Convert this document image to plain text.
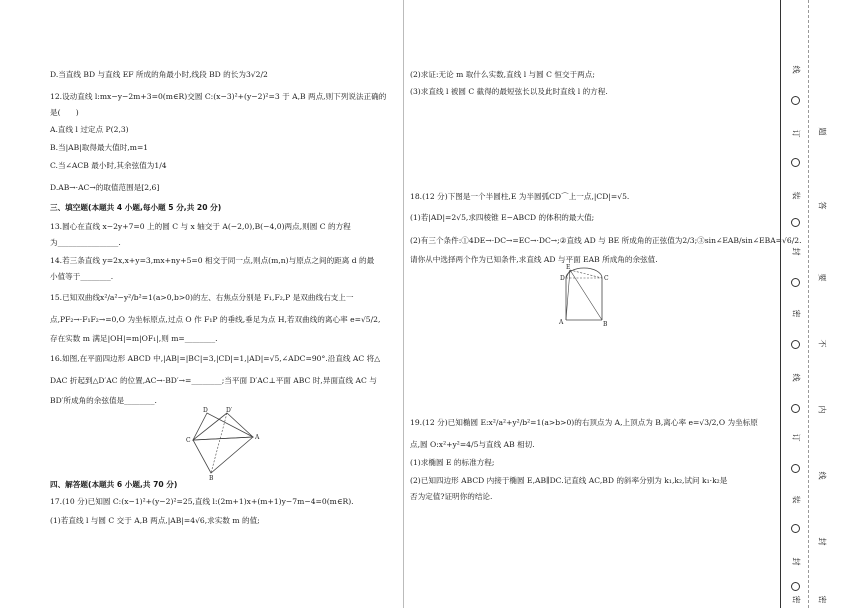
D.当直线 BD 与直线 EF 所成的角最小时,线段 BD 的长为3√2/2
12.设动直线 l:mx−y−2m+3=0(m∈R)交圆 C:(x−3)²+(y−2)²=3 于 A,B 两点,则下列说法正确的
是(　　)
A.直线 l 过定点 P(2,3)
B.当|AB|取得最大值时,m=1
C.当∠ACB 最小时,其余弦值为1/4
D.AB→·AC→的取值范围是[2,6]
三、填空题(本题共 4 小题,每小题 5 分,共 20 分)
13.圆心在直线 x−2y+7=0 上的圆 C 与 x 轴交于 A(−2,0),B(−4,0)两点,则圆 C 的方程
为________________.
14.若三条直线 y=2x,x+y=3,mx+ny+5=0 相交于同一点,则点(m,n)与原点之间的距离 d 的最
小值等于________.
15.已知双曲线x²/a²−y²/b²=1(a>0,b>0)的左、右焦点分别是 F₁,F₂,P 是双曲线右支上一
点,PF₂→·F₁F₂→=0,O 为坐标原点,过点 O 作 F₁P 的垂线,垂足为点 H,若双曲线的离心率 e=√5/2,
存在实数 m 满足|OH|=m|OF₁|,则 m=________.
16.如图,在平面四边形 ABCD 中,|AB|=|BC|=3,|CD|=1,|AD|=√5,∠ADC=90°.沿直线 AC 将△
DAC 折起到△D′AC 的位置,AC→·BD′→=________;当平面 D′AC⊥平面 ABC 时,异面直线 AC 与
BD′所成角的余弦值是________.
D	D′
C	A
B
四、解答题(本题共 6 小题,共 70 分)
17.(10 分)已知圆 C:(x−1)²+(y−2)²=25,直线 l:(2m+1)x+(m+1)y−7m−4=0(m∈R).
(1)若直线 l 与圆 C 交于 A,B 两点,|AB|=4√6,求实数 m 的值;
(2)求证:无论 m 取什么实数,直线 l 与圆 C 恒交于两点;
(3)求直线 l 被圆 C 截得的最短弦长以及此时直线 l 的方程.
18.(12 分)下图是一个半圆柱,E 为半圆弧CD⌒上一点,|CD|=√5.
(1)若|AD|=2√5,求四棱锥 E−ABCD 的体积的最大值;
(2)有三个条件:①4DE→·DC→=EC→·DC→;②直线 AD 与 BE 所成角的正弦值为2/3;③sin∠EAB/sin∠EBA=√6/2.
请你从中选择两个作为已知条件,求直线 AD 与平面 EAB 所成角的余弦值.
E
D	C
A	B
19.(12 分)已知椭圆 E:x²/a²+y²/b²=1(a>b>0)的右顶点为 A,上顶点为 B,离心率 e=√3/2,O 为坐标原
点,圆 O:x²+y²=4/5与直线 AB 相切.
(1)求椭圆 E 的标准方程;
(2)已知四边形 ABCD 内接于椭圆 E,AB∥DC.记直线 AC,BD 的斜率分别为 k₁,k₂,试问 k₁·k₂是
否为定值?证明你的结论.
线
订
装
封
密
线
订
装
封
密
题
答
要
不
内
线
封
密
